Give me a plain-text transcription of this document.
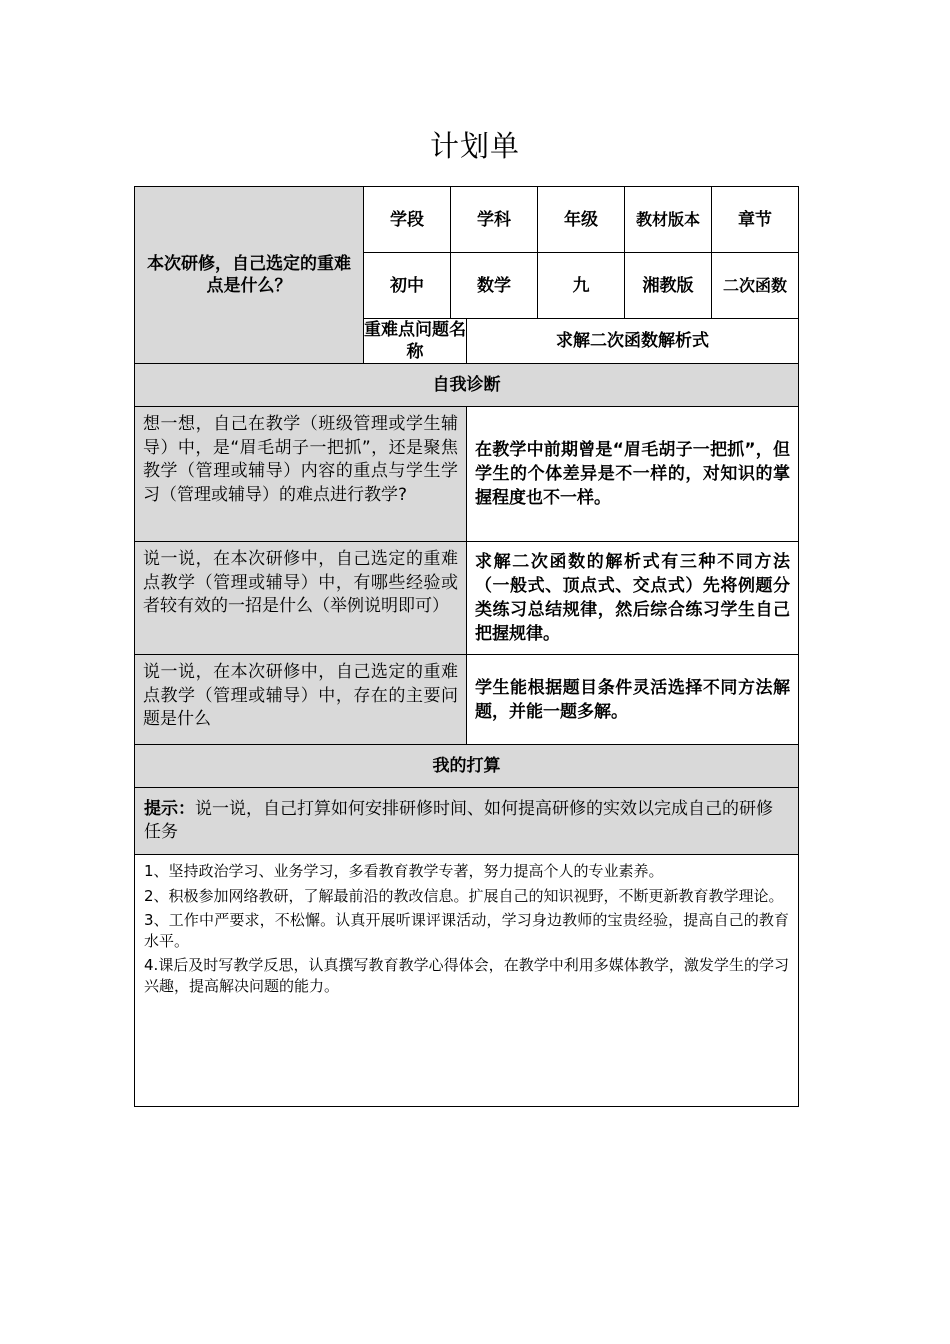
计划单
本次研修，自己选定的重难点是什么？	学段	学科		年级	教材版本	章节
	初中	数学		九	湘教版	二次函数
	重难点问题名称		求解二次函数解析式			
自我诊断						
想一想，自己在教学（班级管理或学生辅导）中，是“眉毛胡子一把抓”，还是聚焦教学（管理或辅导）内容的重点与学生学习（管理或辅导）的难点进行教学?			在教学中前期曾是“眉毛胡子一把抓”，但学生的个体差异是不一样的，对知识的掌握程度也不一样。			
说一说，在本次研修中，自己选定的重难点教学（管理或辅导）中，有哪些经验或者较有效的一招是什么（举例说明即可）			求解二次函数的解析式有三种不同方法（一般式、顶点式、交点式）先将例题分类练习总结规律，然后综合练习学生自己把握规律。			
说一说，在本次研修中，自己选定的重难点教学（管理或辅导）中，存在的主要问题是什么			学生能根据题目条件灵活选择不同方法解题，并能一题多解。			
我的打算						
提示：说一说，自己打算如何安排研修时间、如何提高研修的实效以完成自己的研修任务						

1、坚持政治学习、业务学习，多看教育教学专著，努力提高个人的专业素养。

2、积极参加网络教研，了解最前沿的教改信息。扩展自己的知识视野，不断更新教育教学理论。

3、工作中严要求，不松懈。认真开展听课评课活动，学习身边教师的宝贵经验，提高自己的教育水平。

4.课后及时写教学反思，认真撰写教育教学心得体会，在教学中利用多媒体教学，激发学生的学习兴趣，提高解决问题的能力。						
